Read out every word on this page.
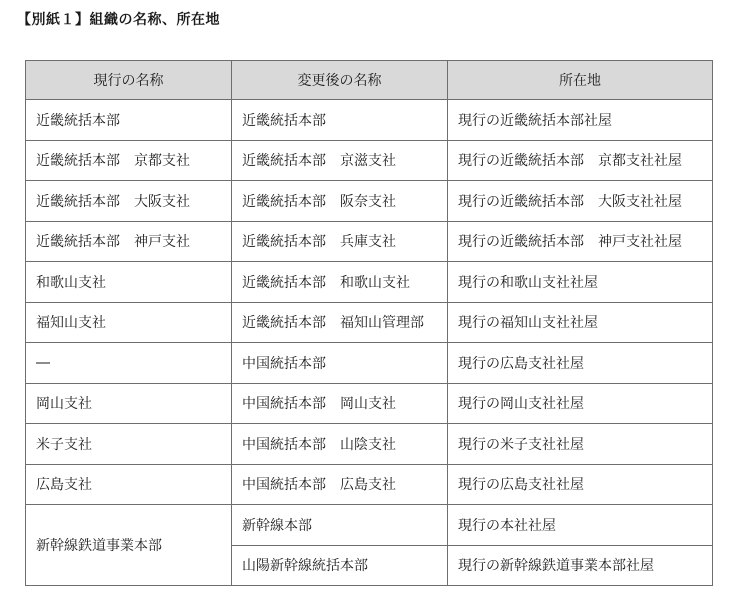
【別紙１】組織の名称、所在地
現行の名称	変更後の名称	所在地
近畿統括本部	近畿統括本部	現行の近畿統括本部社屋
近畿統括本部　京都支社	近畿統括本部　京滋支社	現行の近畿統括本部　京都支社社屋
近畿統括本部　大阪支社	近畿統括本部　阪奈支社	現行の近畿統括本部　大阪支社社屋
近畿統括本部　神戸支社	近畿統括本部　兵庫支社	現行の近畿統括本部　神戸支社社屋
和歌山支社	近畿統括本部　和歌山支社	現行の和歌山支社社屋
福知山支社	近畿統括本部　福知山管理部	現行の福知山支社社屋
―	中国統括本部	現行の広島支社社屋
岡山支社	中国統括本部　岡山支社	現行の岡山支社社屋
米子支社	中国統括本部　山陰支社	現行の米子支社社屋
広島支社	中国統括本部　広島支社	現行の広島支社社屋
新幹線鉄道事業本部	新幹線本部	現行の本社社屋
	山陽新幹線統括本部	現行の新幹線鉄道事業本部社屋
